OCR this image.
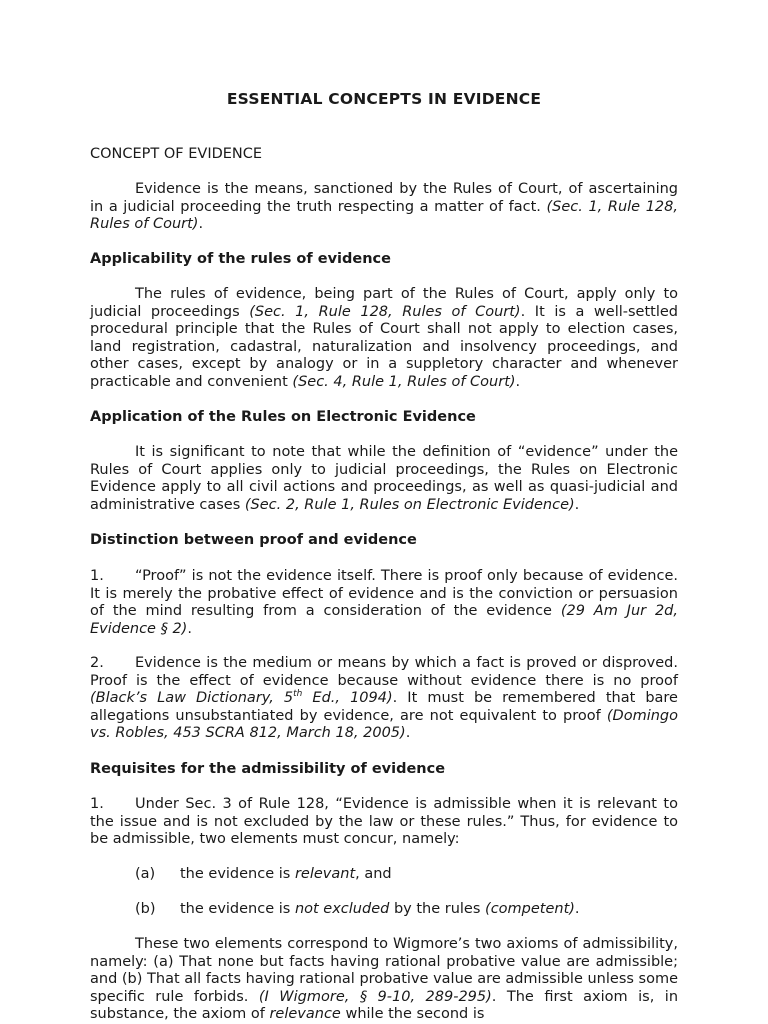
ESSENTIAL CONCEPTS IN EVIDENCE
CONCEPT OF EVIDENCE
Evidence is the means, sanctioned by the Rules of Court, of ascertaining in a judicial proceeding the truth respecting a matter of fact. (Sec. 1, Rule 128, Rules of Court).
Applicability of the rules of evidence
The rules of evidence, being part of the Rules of Court, apply only to judicial proceedings (Sec. 1, Rule 128, Rules of Court). It is a well-settled procedural principle that the Rules of Court shall not apply to election cases, land registration, cadastral, naturalization and insolvency proceedings, and other cases, except by analogy or in a suppletory character and whenever practicable and convenient (Sec. 4, Rule 1, Rules of Court).
Application of the Rules on Electronic Evidence
It is significant to note that while the definition of “evidence” under the Rules of Court applies only to judicial proceedings, the Rules on Electronic Evidence apply to all civil actions and proceedings, as well as quasi-judicial and administrative cases (Sec. 2, Rule 1, Rules on Electronic Evidence).
Distinction between proof and evidence
1. “Proof” is not the evidence itself. There is proof only because of evidence. It is merely the probative effect of evidence and is the conviction or persuasion of the mind resulting from a consideration of the evidence (29 Am Jur 2d, Evidence § 2).
2. Evidence is the medium or means by which a fact is proved or disproved. Proof is the effect of evidence because without evidence there is no proof (Black’s Law Dictionary, 5th Ed., 1094). It must be remembered that bare allegations unsubstantiated by evidence, are not equivalent to proof (Domingo vs. Robles, 453 SCRA 812, March 18, 2005).
Requisites for the admissibility of evidence
1. Under Sec. 3 of Rule 128, “Evidence is admissible when it is relevant to the issue and is not excluded by the law or these rules.” Thus, for evidence to be admissible, two elements must concur, namely:
(a) the evidence is relevant, and
(b) the evidence is not excluded by the rules (competent).
These two elements correspond to Wigmore’s two axioms of admissibility, namely: (a) That none but facts having rational probative value are admissible; and (b) That all facts having rational probative value are admissible unless some specific rule forbids. (I Wigmore, § 9-10, 289-295). The first axiom is, in substance, the axiom of relevance while the second is
